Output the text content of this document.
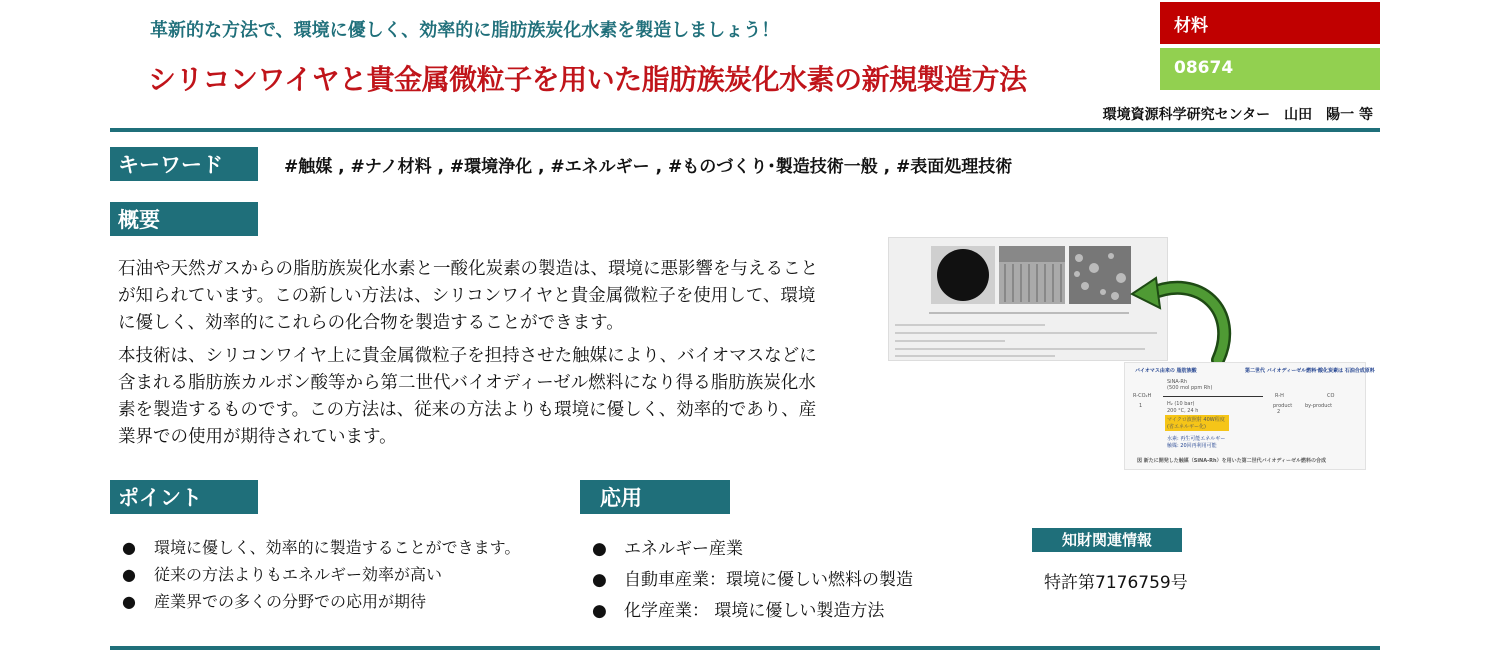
革新的な方法で、環境に優しく、効率的に脂肪族炭化水素を製造しましょう！
シリコンワイヤと貴金属微粒子を用いた脂肪族炭化水素の新規製造方法
材料
08674
環境資源科学研究センター　山田　陽一 等
キーワード	#触媒 , #ナノ材料 , #環境浄化 , #エネルギー , #ものづくり･製造技術一般 , #表面処理技術
概要

石油や天然ガスからの脂肪族炭化水素と一酸化炭素の製造は、環境に悪影響を与えることが知られています。この新しい方法は、シリコンワイヤと貴金属微粒子を使用して、環境に優しく、効率的にこれらの化合物を製造することができます。

本技術は、シリコンワイヤ上に貴金属微粒子を担持させた触媒により、バイオマスなどに含まれる脂肪族カルボン酸等から第二世代バイオディーゼル燃料になり得る脂肪族炭化水素を製造するものです。この方法は、従来の方法よりも環境に優しく、効率的であり、産業界での使用が期待されています。

バイオマス由来の 脂肪族酸	第二世代 バイオディーゼル燃料
一酸化炭素は 石油合成原料
SiNA-Rh
(500 mol ppm Rh)
R-CO₂H
1
R-H	CO
product	by-product
2
H₂ (10 bar)
200 °C, 24 h
マイクロ波照射 40W程度
(省エネルギー化)
水素: 再生可能エネルギー
触媒: 20回再利用可能
図 新たに開発した触媒（SiNA-Rh）を用いた第二世代バイオディーゼル燃料の合成
ポイント
● 環境に優しく、効率的に製造することができます。
● 従来の方法よりもエネルギー効率が高い
● 産業界での多くの分野での応用が期待
応用
● エネルギー産業
● 自動車産業：環境に優しい燃料の製造
● 化学産業： 環境に優しい製造方法
知財関連情報
特許第7176759号
